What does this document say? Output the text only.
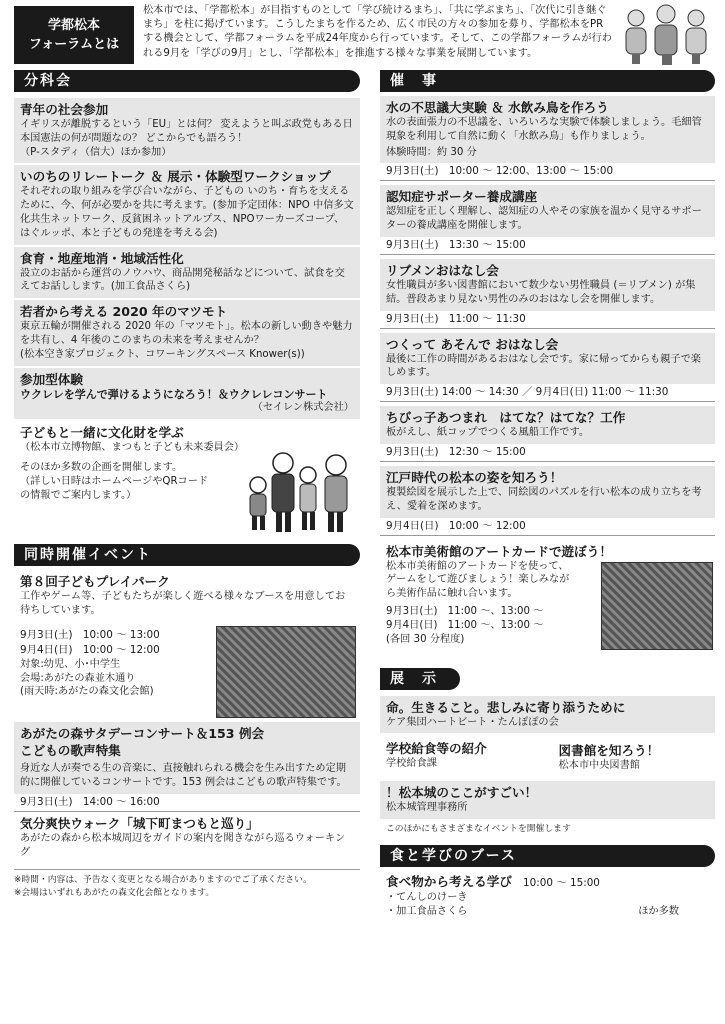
学都松本
フォーラムとは
松本市では、「学都松本」が目指すものとして「学び続けるまち」、「共に学ぶまち」、「次代に引き継ぐまち」を柱に掲げています。こうしたまちを作るため、広く市民の方々の参加を募り、学都松本をPRする機会として、学都フォーラムを平成24年度から行っています。そして、この学都フォーラムが行われる9月を「学びの9月」とし、「学都松本」を推進する様々な事業を展開しています。
分科会
青年の社会参加
イギリスが離脱するという「EU」とは何？ 変えようと叫ぶ政党もある日本国憲法の何が問題なの？ どこからでも語ろう！
（P-スタディ（信大）ほか参加）
いのちのリレートーク ＆ 展示・体験型ワークショップ
それぞれの取り組みを学び合いながら、子どもの いのち・育ちを支えるために、今、何が必要かを共に考えます。(参加予定団体：NPO 中信多文化共生ネットワーク、反貧困ネットアルプス、NPOワーカーズコープ、はぐルッポ、本と子どもの発達を考える会)
食育・地産地消・地域活性化
設立のお話から運営のノウハウ、商品開発秘話などについて、試食を交えてお話しします。(加工食品さくら)
若者から考える 2020 年のマツモト
東京五輪が開催される 2020 年の「マツモト」。松本の新しい動きや魅力を共有し、4 年後のこのまちの未来を考えませんか？
(松本空き家プロジェクト、コワーキングスペース Knower(s))
参加型体験
ウクレレを学んで弾けるようになろう！＆ウクレレコンサート
（セイレン株式会社）
子どもと一緒に文化財を学ぶ
（松本市立博物館、まつもと子ども未来委員会）
そのほか多数の企画を開催します。
（詳しい日時はホームページやQRコード
の情報でご案内します。）
同時開催イベント
第８回子どもプレイパーク
工作やゲーム等、子どもたちが楽しく遊べる様々なブースを用意してお待ちしています。
9月3日(土)　10:00 ～ 13:00
9月4日(日)　10:00 ～ 12:00
対象:幼児、小･中学生
会場:あがたの森並木通り
(雨天時:あがたの森文化会館)
あがたの森サタデーコンサート＆153 例会
こどもの歌声特集
身近な人が奏でる生の音楽に、直接触れられる機会を生み出すため定期的に開催しているコンサートです。153 例会はこどもの歌声特集です。
9月3日(土)　14:00 ～ 16:00
気分爽快ウォーク「城下町まつもと巡り」
あがたの森から松本城周辺をガイドの案内を聞きながら巡るウォーキング
※時間・内容は、予告なく変更となる場合がありますのでご了承ください。
※会場はいずれもあがたの森文化会館となります。
催　事
水の不思議大実験 ＆ 水飲み鳥を作ろう
水の表面張力の不思議を、いろいろな実験で体験しましょう。毛細管現象を利用して自然に動く「水飲み鳥」も作りましょう。
体験時間：約 30 分
9月3日(土)　10:00 ～ 12:00、13:00 ～ 15:00
認知症サポーター養成講座
認知症を正しく理解し、認知症の人やその家族を温かく見守るサポーターの養成講座を開催します。
9月3日(土)　13:30 ～ 15:00
リブメンおはなし会
女性職員が多い図書館において数少ない男性職員 (＝リブメン) が集結。普段あまり見ない男性のみのおはなし会を開催します。
9月3日(土)　11:00 ～ 11:30
つくって あそんで おはなし会
最後に工作の時間があるおはなし会です。家に帰ってからも親子で楽しめます。
9月3日(土) 14:00 ～ 14:30 ／ 9月4日(日) 11:00 ～ 11:30
ちびっ子あつまれ　はてな？はてな？工作
板がえし、紙コップでつくる風船工作です。
9月3日(土)　12:30 ～ 15:00
江戸時代の松本の姿を知ろう！
複製絵図を展示した上で、同絵図のパズルを行い松本の成り立ちを考え、愛着を深めます。
9月4日(日)　10:00 ～ 12:00
松本市美術館のアートカードで遊ぼう！
松本市美術館のアートカードを使って、ゲームをして遊びましょう！楽しみながら美術作品に触れ合います。
9月3日(土)　11:00 ～、13:00 ～
9月4日(日)　11:00 ～、13:00 ～
(各回 30 分程度)
展　示
命。生きること。悲しみに寄り添うために
ケア集団ハートビート・たんぽぽの会
学校給食等の紹介
学校給食課
図書館を知ろう！
松本市中央図書館
！松本城のここがすごい！
松本城管理事務所
このほかにもさまざまなイベントを開催します
食と学びのブース
食べ物から考える学び 10:00 ～ 15:00
・てんしのけーき
・加工食品さくら	ほか多数
